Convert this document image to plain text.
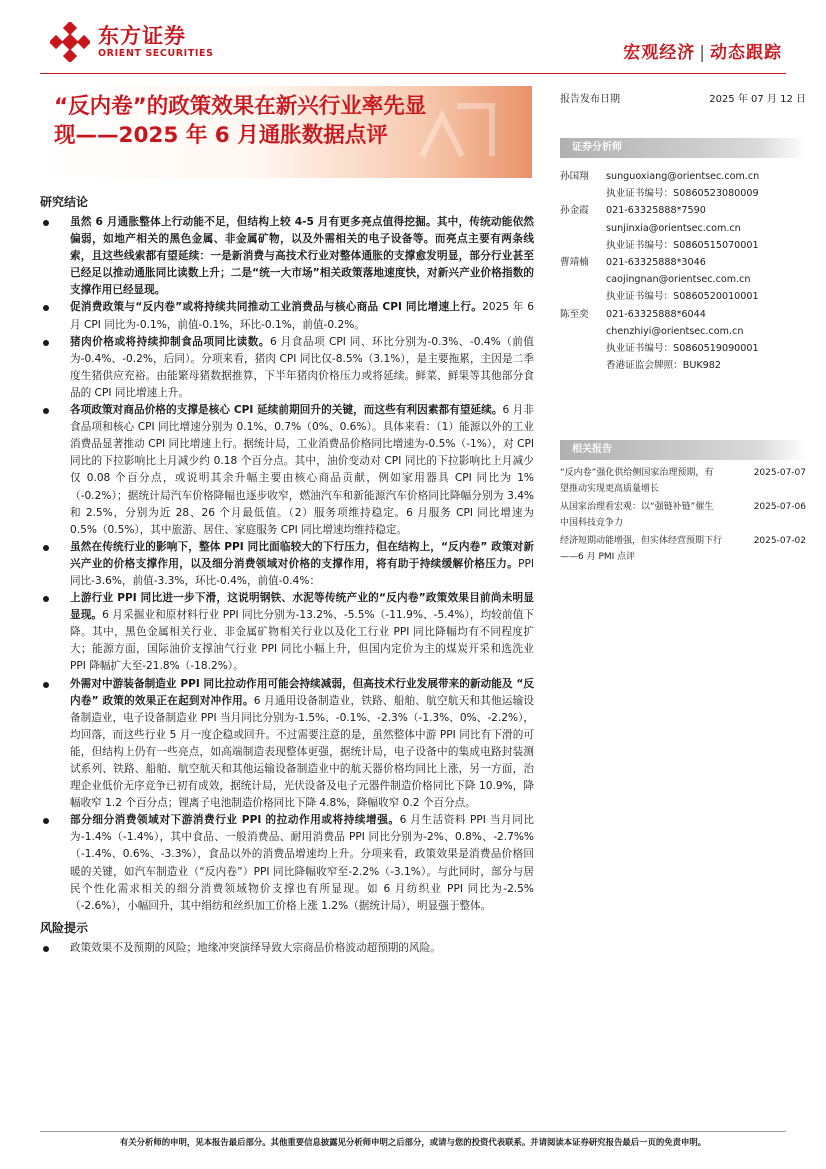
东方证券
ORIENT SECURITIES	宏观经济 | 动态跟踪
“反内卷”的政策效果在新兴行业率先显
现——2025 年 6 月通胀数据点评
报告发布日期	2025 年 07 月 12 日
证券分析师
孙国翔	sunguoxiang@orientsec.com.cn
执业证书编号：S0860523080009
孙金霞	021-63325888*7590
sunjinxia@orientsec.com.cn
执业证书编号：S0860515070001
曹靖楠	021-63325888*3046
caojingnan@orientsec.com.cn
执业证书编号：S0860520010001
陈至奕	021-63325888*6044
chenzhiyi@orientsec.com.cn
执业证书编号：S0860519090001
香港证监会牌照：BUK982
相关报告
“反内卷”强化供给侧国家治理预期，有
望推动实现更高质量增长
2025-07-07
从国家治理看宏观：以“强链补链”催生
中国科技竞争力
2025-07-06
经济短期动能增强，但实体经营预期下行
——6 月 PMI 点评
2025-07-02
研究结论
虽然 6 月通胀整体上行动能不足，但结构上较 4-5 月有更多亮点值得挖掘。其中，传统动能依然偏弱，如地产相关的黑色金属、非金属矿物，以及外需相关的电子设备等。而亮点主要有两条线索，且这些线索都有望延续：一是新消费与高技术行业对整体通胀的支撑愈发明显，部分行业甚至已经足以推动通胀同比读数上升；二是“统一大市场”相关政策落地速度快，对新兴产业价格指数的支撑作用已经显现。
促消费政策与“反内卷”或将持续共同推动工业消费品与核心商品 CPI 同比增速上行。2025 年 6 月 CPI 同比为-0.1%，前值-0.1%，环比-0.1%，前值-0.2%。
猪肉价格或将持续抑制食品项同比读数。6 月食品项 CPI 同、环比分别为-0.3%、-0.4%（前值为-0.4%、-0.2%，后同）。分项来看，猪肉 CPI 同比仅-8.5%（3.1%），是主要拖累，主因是二季度生猪供应充裕。由能繁母猪数据推算，下半年猪肉价格压力或将延续。鲜菜、鲜果等其他部分食品的 CPI 同比增速上升。
各项政策对商品价格的支撑是核心 CPI 延续前期回升的关键，而这些有利因素都有望延续。6 月非食品项和核心 CPI 同比增速分别为 0.1%、0.7%（0%、0.6%）。具体来看：（1）能源以外的工业消费品显著推动 CPI 同比增速上行。据统计局，工业消费品价格同比增速为-0.5%（-1%），对 CPI 同比的下拉影响比上月减少约 0.18 个百分点。其中，油价变动对 CPI 同比的下拉影响比上月减少仅 0.08 个百分点，或说明其余升幅主要由核心商品贡献，例如家用器具 CPI 同比为 1%（-0.2%）；据统计局汽车价格降幅也逐步收窄，燃油汽车和新能源汽车价格同比降幅分别为 3.4%和 2.5%，分别为近 28、26 个月最低值。（2）服务项维持稳定。6 月服务 CPI 同比增速为 0.5%（0.5%），其中旅游、居住、家庭服务 CPI 同比增速均维持稳定。
虽然在传统行业的影响下，整体 PPI 同比面临较大的下行压力，但在结构上，“反内卷” 政策对新兴产业的价格支撑作用，以及细分消费领域对价格的支撑作用，将有助于持续缓解价格压力。PPI 同比-3.6%，前值-3.3%，环比-0.4%，前值-0.4%：
上游行业 PPI 同比进一步下滑，这说明钢铁、水泥等传统产业的“反内卷”政策效果目前尚未明显显现。6 月采掘业和原材料行业 PPI 同比分别为-13.2%、-5.5%（-11.9%、-5.4%），均较前值下降。其中，黑色金属相关行业、非金属矿物相关行业以及化工行业 PPI 同比降幅均有不同程度扩大；能源方面，国际油价支撑油气行业 PPI 同比小幅上升，但国内定价为主的煤炭开采和选洗业 PPI 降幅扩大至-21.8%（-18.2%）。
外需对中游装备制造业 PPI 同比拉动作用可能会持续减弱，但高技术行业发展带来的新动能及 “反内卷” 政策的效果正在起到对冲作用。6 月通用设备制造业，铁路、船舶、航空航天和其他运输设备制造业，电子设备制造业 PPI 当月同比分别为-1.5%、-0.1%、-2.3%（-1.3%、0%、-2.2%），均回落，而这些行业 5 月一度企稳或回升。不过需要注意的是，虽然整体中游 PPI 同比有下滑的可能，但结构上仍有一些亮点，如高端制造表现整体更强，据统计局，电子设备中的集成电路封装测试系列、铁路、船舶、航空航天和其他运输设备制造业中的航天器价格均同比上涨，另一方面，治理企业低价无序竞争已初有成效，据统计局，光伏设备及电子元器件制造价格同比下降 10.9%，降幅收窄 1.2 个百分点；锂离子电池制造价格同比下降 4.8%，降幅收窄 0.2 个百分点。
部分细分消费领域对下游消费行业 PPI 的拉动作用或将持续增强。6 月生活资料 PPI 当月同比为-1.4%（-1.4%），其中食品、一般消费品、耐用消费品 PPI 同比分别为-2%、0.8%、-2.7%%（-1.4%、0.6%、-3.3%），食品以外的消费品增速均上升。分项来看，政策效果是消费品价格回暖的关键，如汽车制造业（“反内卷”）PPI 同比降幅收窄至-2.2%（-3.1%）。与此同时，部分与居民个性化需求相关的细分消费领域物价支撑也有所显现。如 6 月纺织业 PPI 同比为-2.5%（-2.6%），小幅回升，其中绢纺和丝织加工价格上涨 1.2%（据统计局），明显强于整体。
风险提示
政策效果不及预期的风险；地缘冲突演绎导致大宗商品价格波动超预期的风险。
有关分析师的申明，见本报告最后部分。其他重要信息披露见分析师申明之后部分，或请与您的投资代表联系。并请阅读本证券研究报告最后一页的免责申明。
